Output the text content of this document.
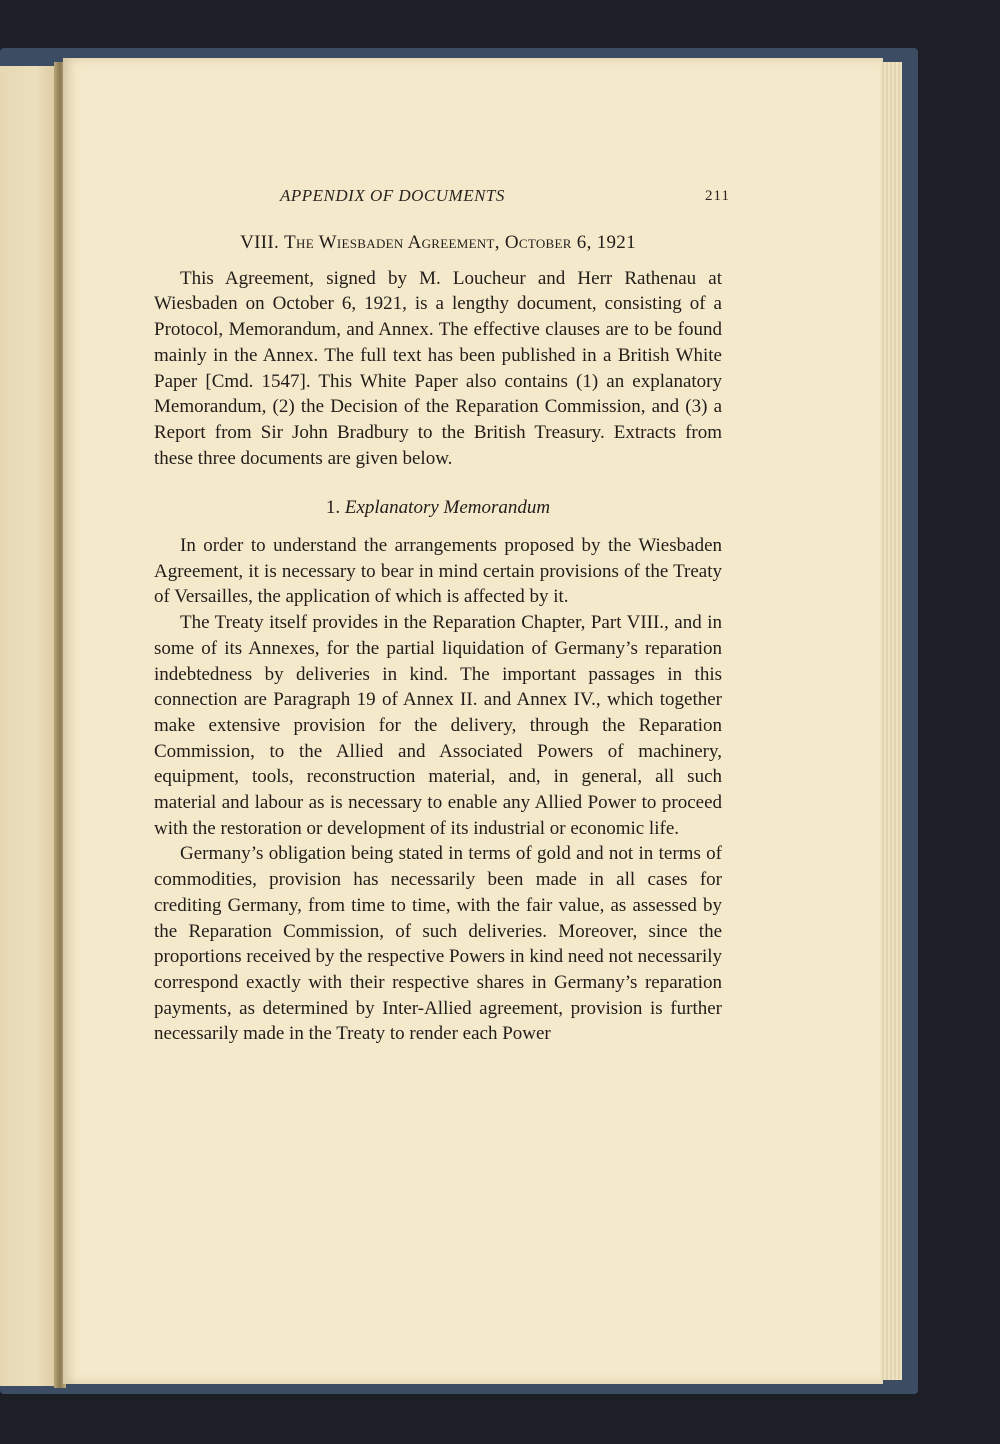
APPENDIX OF DOCUMENTS	211

VIII. The Wiesbaden Agreement, October 6, 1921

This Agreement, signed by M. Loucheur and Herr Rathenau at Wiesbaden on October 6, 1921, is a lengthy document, consisting of a Protocol, Memorandum, and Annex. The effective clauses are to be found mainly in the Annex. The full text has been published in a British White Paper [Cmd. 1547]. This White Paper also contains (1) an explanatory Memorandum, (2) the Decision of the Reparation Commission, and (3) a Report from Sir John Bradbury to the British Treasury. Extracts from these three documents are given below.

1. Explanatory Memorandum

In order to understand the arrangements proposed by the Wiesbaden Agreement, it is necessary to bear in mind certain provisions of the Treaty of Versailles, the application of which is affected by it.

The Treaty itself provides in the Reparation Chapter, Part VIII., and in some of its Annexes, for the partial liquidation of Germany’s reparation indebtedness by deliveries in kind. The important passages in this connection are Paragraph 19 of Annex II. and Annex IV., which together make extensive provision for the delivery, through the Reparation Commission, to the Allied and Associated Powers of machinery, equipment, tools, reconstruction material, and, in general, all such material and labour as is necessary to enable any Allied Power to proceed with the restoration or development of its industrial or economic life.

Germany’s obligation being stated in terms of gold and not in terms of commodities, provision has necessarily been made in all cases for crediting Germany, from time to time, with the fair value, as assessed by the Reparation Commission, of such deliveries. Moreover, since the proportions received by the respective Powers in kind need not necessarily correspond exactly with their respective shares in Germany’s reparation payments, as determined by Inter-Allied agreement, provision is further necessarily made in the Treaty to render each Power
